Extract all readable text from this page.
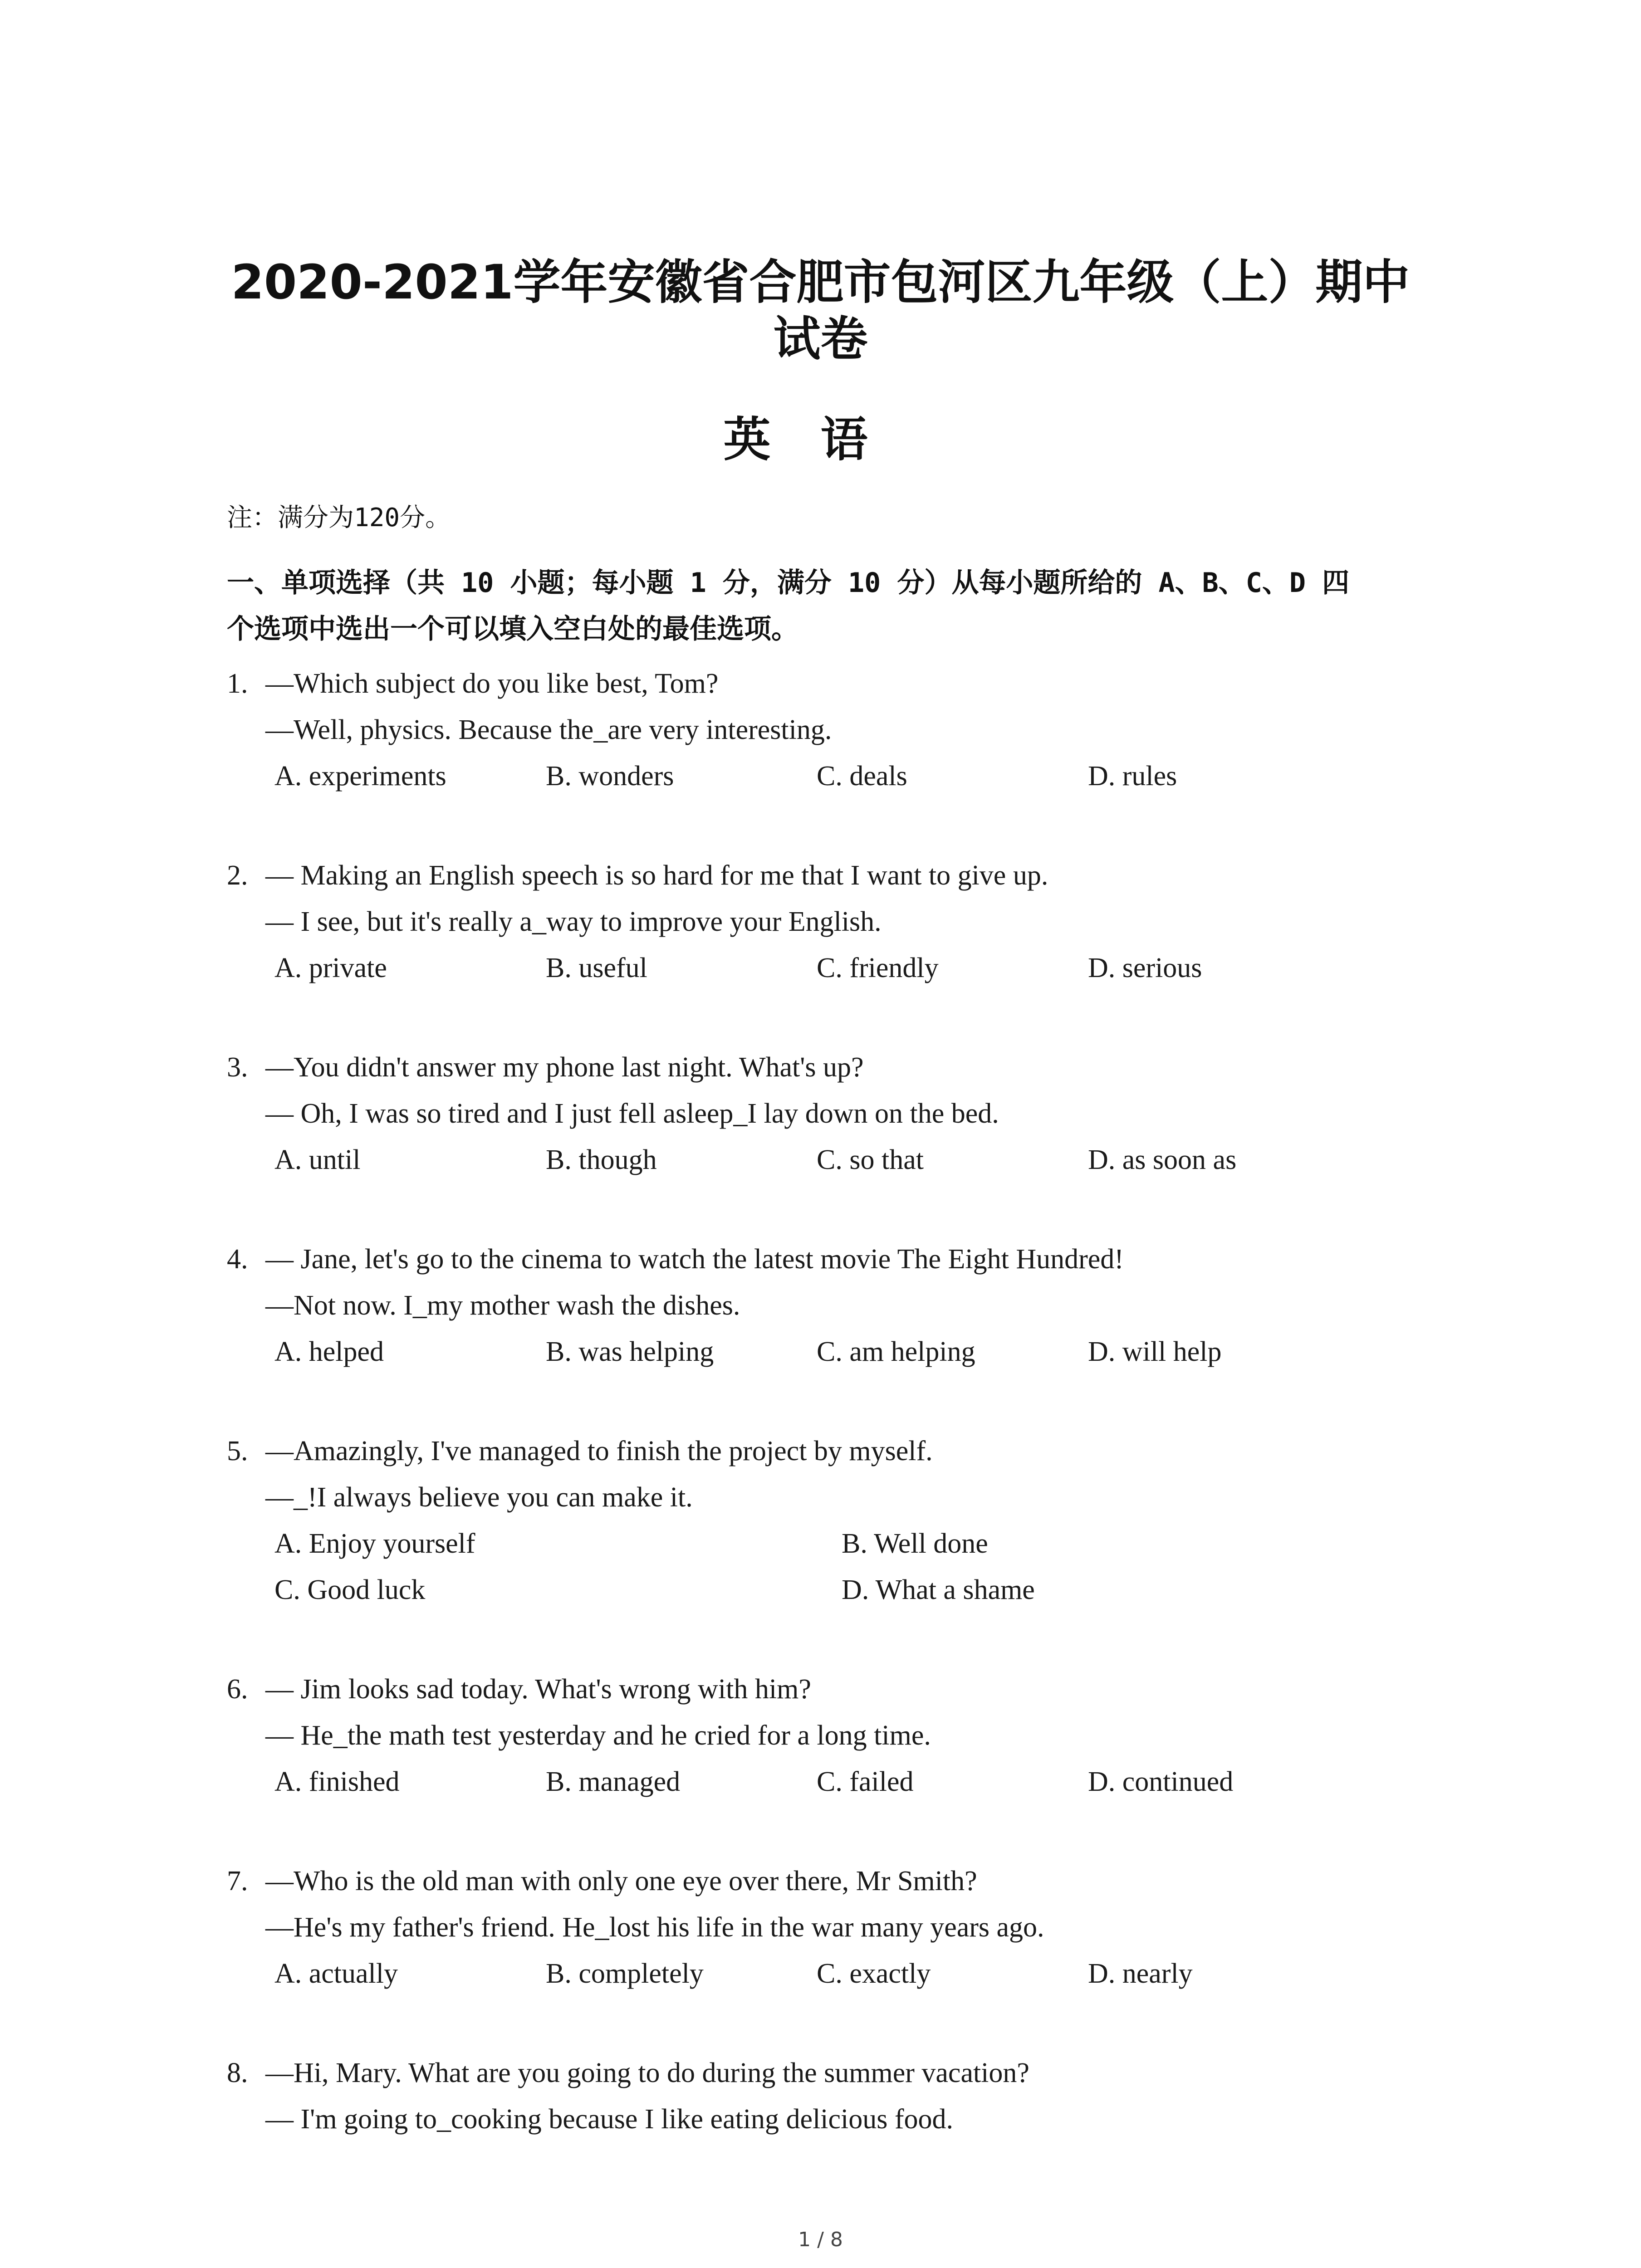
2020-2021学年安徽省合肥市包河区九年级（上）期中
试卷
英语
注：满分为120分。
一、单项选择（共 10 小题；每小题 1 分，满分 10 分）从每小题所给的 A、B、C、D 四
个选项中选出一个可以填入空白处的最佳选项。
1. —Which subject do you like best, Tom?
—Well, physics. Because the_are very interesting.
A. experiments	B. wonders	C. deals	D. rules
2. — Making an English speech is so hard for me that I want to give up.
— I see, but it's really a_way to improve your English.
A. private	B. useful	C. friendly	D. serious
3. —You didn't answer my phone last night. What's up?
— Oh, I was so tired and I just fell asleep_I lay down on the bed.
A. until	B. though	C. so that	D. as soon as
4. — Jane, let's go to the cinema to watch the latest movie The Eight Hundred!
—Not now. I_my mother wash the dishes.
A. helped	B. was helping	C. am helping	D. will help
5. —Amazingly, I've managed to finish the project by myself.
—_!I always believe you can make it.
A. Enjoy yourself	B. Well done
C. Good luck	D. What a shame
6. — Jim looks sad today. What's wrong with him?
— He_the math test yesterday and he cried for a long time.
A. finished	B. managed	C. failed	D. continued
7. —Who is the old man with only one eye over there, Mr Smith?
—He's my father's friend. He_lost his life in the war many years ago.
A. actually	B. completely	C. exactly	D. nearly
8. —Hi, Mary. What are you going to do during the summer vacation?
— I'm going to_cooking because I like eating delicious food.
1 / 8
